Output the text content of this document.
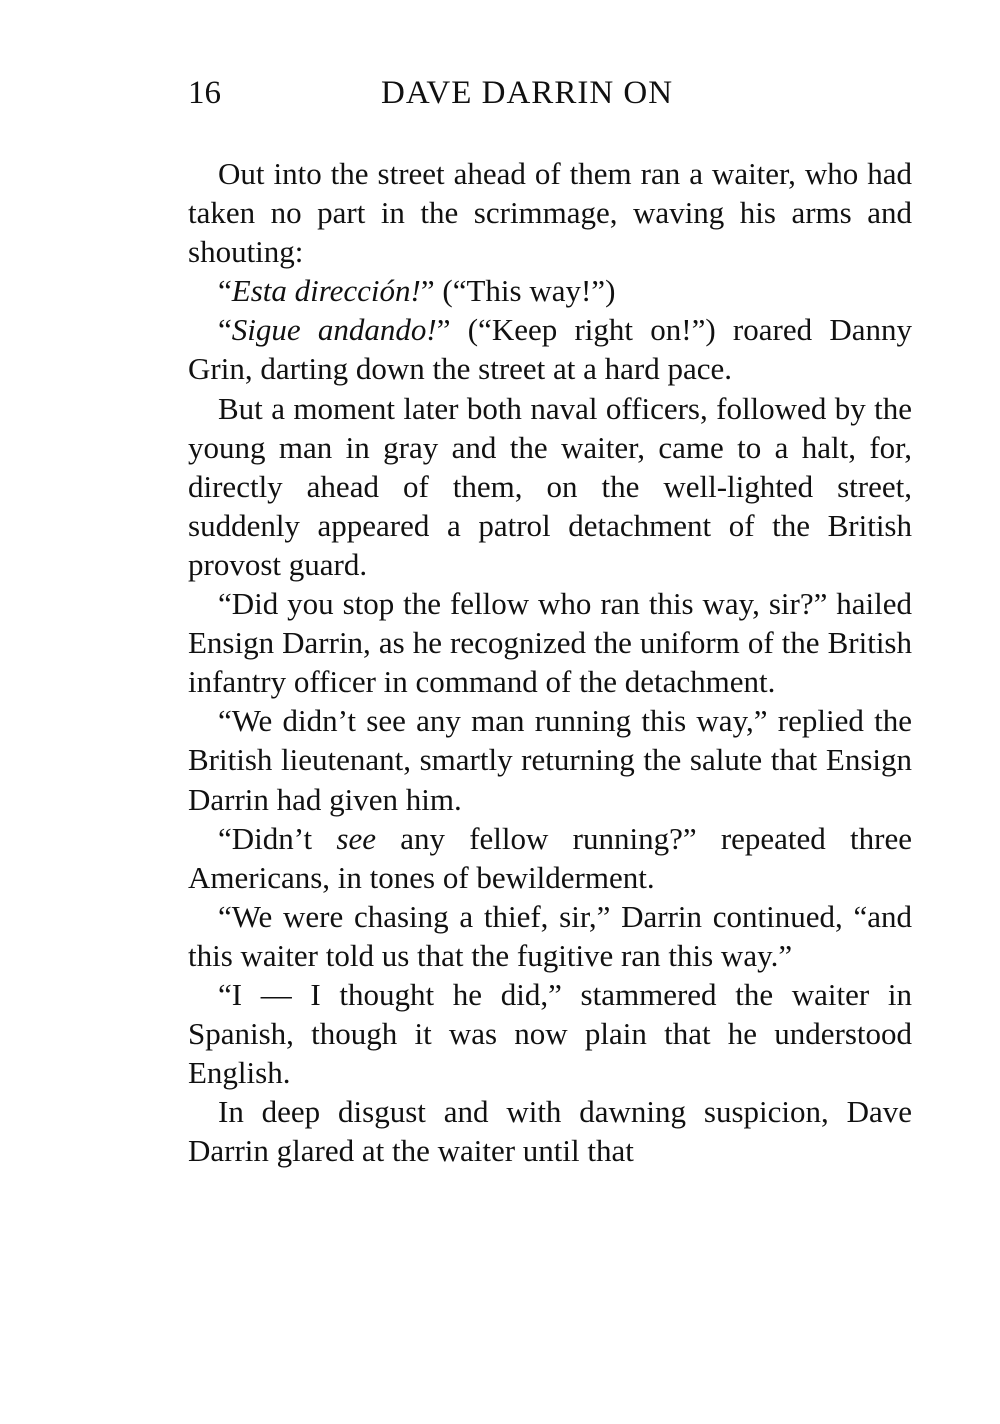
16	DAVE DARRIN ON

Out into the street ahead of them ran a waiter, who had taken no part in the scrimmage, waving his arms and shouting:

“Esta dirección!” (“This way!”)

“Sigue andando!” (“Keep right on!”) roared Danny Grin, darting down the street at a hard pace.

But a moment later both naval officers, followed by the young man in gray and the waiter, came to a halt, for, directly ahead of them, on the well-lighted street, suddenly appeared a patrol detachment of the British provost guard.

“Did you stop the fellow who ran this way, sir?” hailed Ensign Darrin, as he recognized the uniform of the British infantry officer in command of the detachment.

“We didn’t see any man running this way,” replied the British lieutenant, smartly returning the salute that Ensign Darrin had given him.

“Didn’t see any fellow running?” repeated three Americans, in tones of bewilderment.

“We were chasing a thief, sir,” Darrin continued, “and this waiter told us that the fugitive ran this way.”

“I — I thought he did,” stammered the waiter in Spanish, though it was now plain that he understood English.

In deep disgust and with dawning suspicion, Dave Darrin glared at the waiter until that
